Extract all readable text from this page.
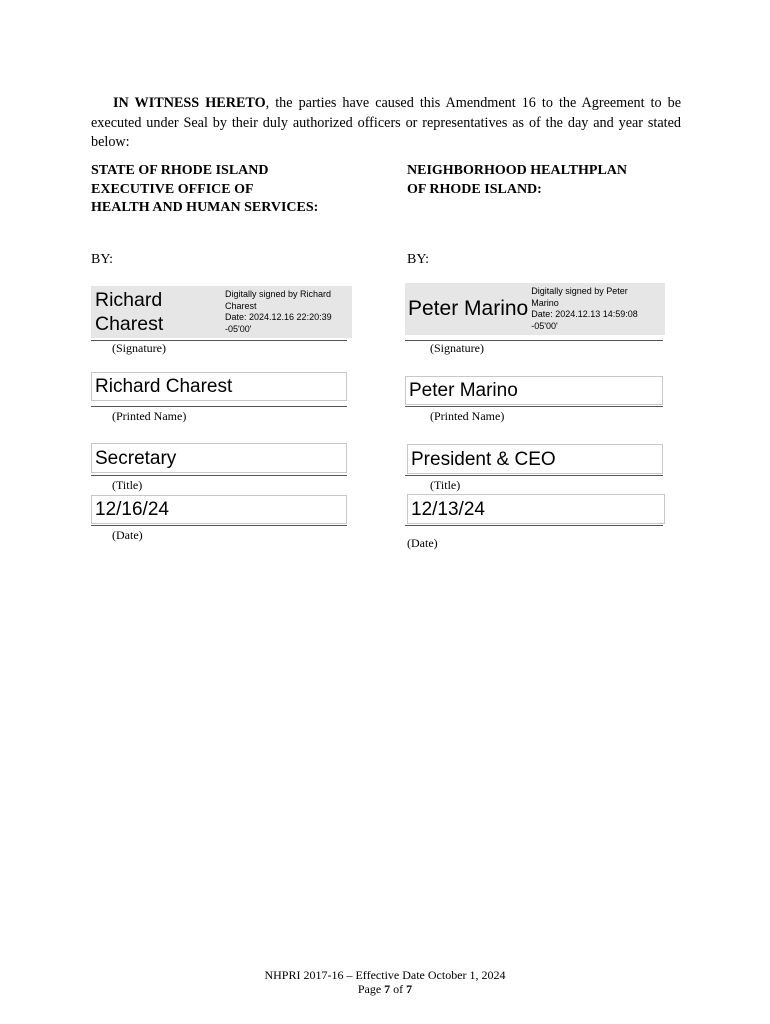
IN WITNESS HERETO, the parties have caused this Amendment 16 to the Agreement to be executed under Seal by their duly authorized officers or representatives as of the day and year stated below:
STATE OF RHODE ISLAND
EXECUTIVE OFFICE OF
HEALTH AND HUMAN SERVICES:
BY:
Richard
Charest
Digitally signed by Richard
Charest
Date: 2024.12.16 22:20:39
-05'00'
(Signature)
Richard Charest
(Printed Name)
Secretary
(Title)
12/16/24
(Date)
NEIGHBORHOOD HEALTHPLAN
OF RHODE ISLAND:
BY:
Peter Marino
Digitally signed by Peter
Marino
Date: 2024.12.13 14:59:08
-05'00'
(Signature)
Peter Marino
(Printed Name)
President & CEO
(Title)
12/13/24
(Date)
NHPRI 2017-16 – Effective Date October 1, 2024
Page 7 of 7
